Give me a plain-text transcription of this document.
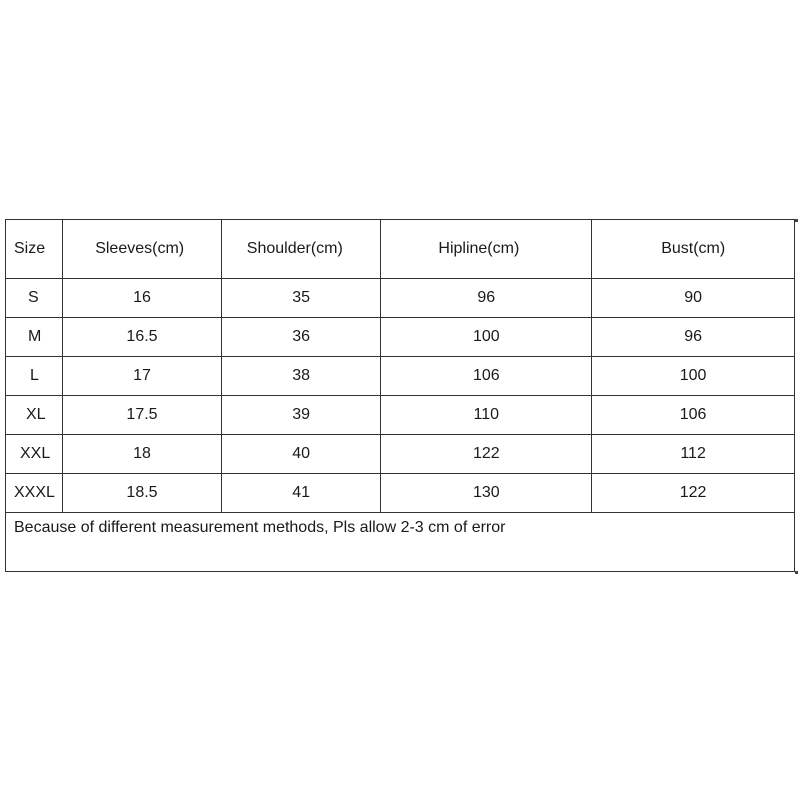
Size	Sleeves(cm)	Shoulder(cm)	Hipline(cm)	Bust(cm)
S	16	35	96	90
M	16.5	36	100	96
L	17	38	106	100
XL	17.5	39	110	106
XXL	18	40	122	112
XXXL	18.5	41	130	122
Because of different measurement methods, Pls allow 2-3 cm of error				
